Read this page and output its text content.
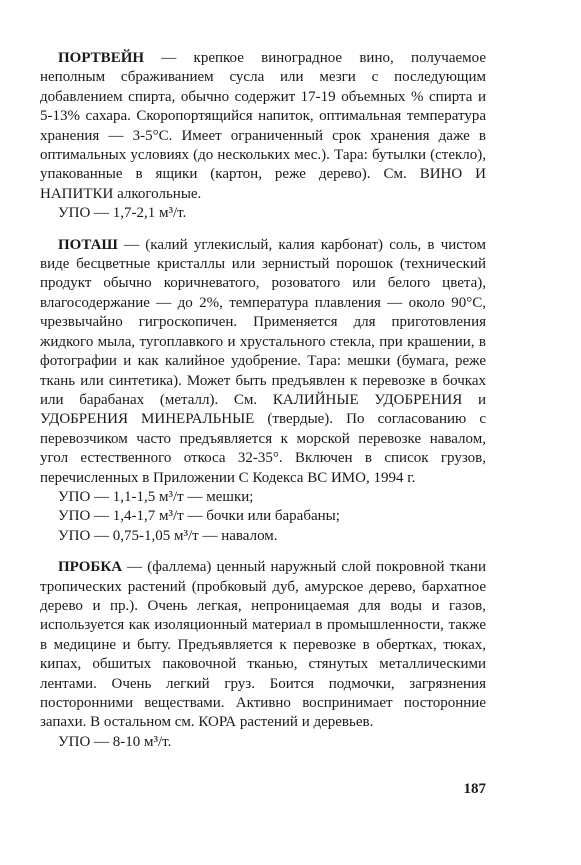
ПОРТВЕЙН — крепкое виноградное вино, получаемое неполным сбраживанием сусла или мезги с последующим добавлением спирта, обычно содержит 17-19 объемных % спирта и 5-13% сахара. Скоропортящийся напиток, оптимальная температура хранения — 3-5°С. Имеет ограниченный срок хранения даже в оптимальных условиях (до нескольких мес.). Тара: бутылки (стекло), упакованные в ящики (картон, реже дерево). См. ВИНО И НАПИТКИ алкогольные.

УПО — 1,7-2,1 м³/т.

ПОТАШ — (калий углекислый, калия карбонат) соль, в чистом виде бесцветные кристаллы или зернистый порошок (технический продукт обычно коричневатого, розоватого или белого цвета), влагосодержание — до 2%, температура плавления — около 90°С, чрезвычайно гигроскопичен. Применяется для приготовления жидкого мыла, тугоплавкого и хрустального стекла, при крашении, в фотографии и как калийное удобрение. Тара: мешки (бумага, реже ткань или синтетика). Может быть предъявлен к перевозке в бочках или барабанах (металл). См. КАЛИЙНЫЕ УДОБРЕНИЯ и УДОБРЕНИЯ МИНЕРАЛЬНЫЕ (твердые). По согласованию с перевозчиком часто предъявляется к морской перевозке навалом, угол естественного откоса 32-35°. Включен в список грузов, перечисленных в Приложении С Кодекса ВС ИМО, 1994 г.

УПО — 1,1-1,5 м³/т — мешки;

УПО — 1,4-1,7 м³/т — бочки или барабаны;

УПО — 0,75-1,05 м³/т — навалом.

ПРОБКА — (фаллема) ценный наружный слой покровной ткани тропических растений (пробковый дуб, амурское дерево, бархатное дерево и пр.). Очень легкая, непроницаемая для воды и газов, используется как изоляционный материал в промышленности, также в медицине и быту. Предъявляется к перевозке в обертках, тюках, кипах, обшитых паковочной тканью, стянутых металлическими лентами. Очень легкий груз. Боится подмочки, загрязнения посторонними веществами. Активно воспринимает посторонние запахи. В остальном см. КОРА растений и деревьев.

УПО — 8-10 м³/т.

187
